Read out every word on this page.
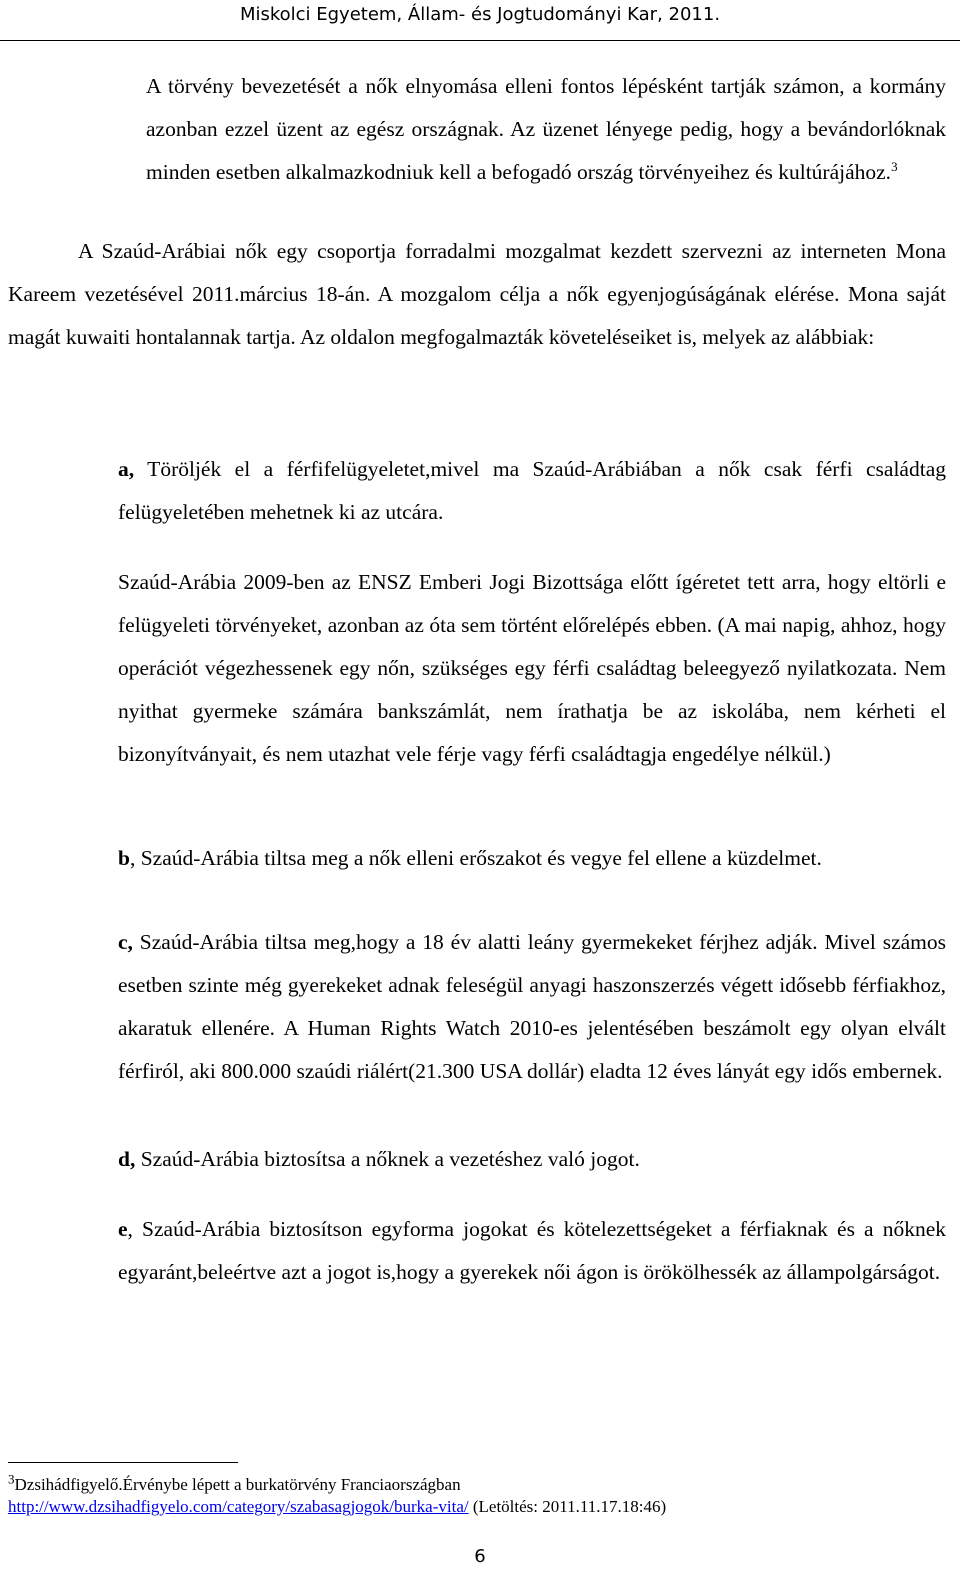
Miskolci Egyetem, Állam- és Jogtudományi Kar, 2011.

A törvény bevezetését a nők elnyomása elleni fontos lépésként tartják számon, a kormány azonban ezzel üzent az egész országnak. Az üzenet lényege pedig, hogy a bevándorlóknak minden esetben alkalmazkodniuk kell a befogadó ország törvényeihez és kultúrájához.$^3$

A Szaúd-Arábiai nők egy csoportja forradalmi mozgalmat kezdett szervezni az interneten Mona Kareem vezetésével 2011.március 18-án. A mozgalom célja a nők egyenjogúságának elérése. Mona saját magát kuwaiti hontalannak tartja. Az oldalon megfogalmazták követeléseiket is, melyek az alábbiak:

a, Töröljék el a férfifelügyeletet,mivel ma Szaúd-Arábiában a nők csak férfi családtag felügyeletében mehetnek ki az utcára.

Szaúd-Arábia 2009-ben az ENSZ Emberi Jogi Bizottsága előtt ígéretet tett arra, hogy eltörli e felügyeleti törvényeket, azonban az óta sem történt előrelépés ebben. (A mai napig, ahhoz, hogy operációt végezhessenek egy nőn, szükséges egy férfi családtag beleegyező nyilatkozata. Nem nyithat gyermeke számára bankszámlát, nem írathatja be az iskolába, nem kérheti el bizonyítványait, és nem utazhat vele férje vagy férfi családtagja engedélye nélkül.)

b, Szaúd-Arábia tiltsa meg a nők elleni erőszakot és vegye fel ellene a küzdelmet.

c, Szaúd-Arábia tiltsa meg,hogy a 18 év alatti leány gyermekeket férjhez adják. Mivel számos esetben szinte még gyerekeket adnak feleségül anyagi haszonszerzés végett idősebb férfiakhoz, akaratuk ellenére. A Human Rights Watch 2010-es jelentésében beszámolt egy olyan elvált férfiról, aki 800.000 szaúdi riálért(21.300 USA dollár) eladta 12 éves lányát egy idős embernek.

d, Szaúd-Arábia biztosítsa a nőknek a vezetéshez való jogot.

e, Szaúd-Arábia biztosítson egyforma jogokat és kötelezettségeket a férfiaknak és a nőknek egyaránt,beleértve azt a jogot is,hogy a gyerekek női ágon is örökölhessék az állampolgárságot.

$^3$Dzsihádfigyelő.Érvénybe lépett a burkatörvény Franciaországban
http://www.dzsihadfigyelo.com/category/szabasagjogok/burka-vita/ (Letöltés: 2011.11.17.18:46)
6
